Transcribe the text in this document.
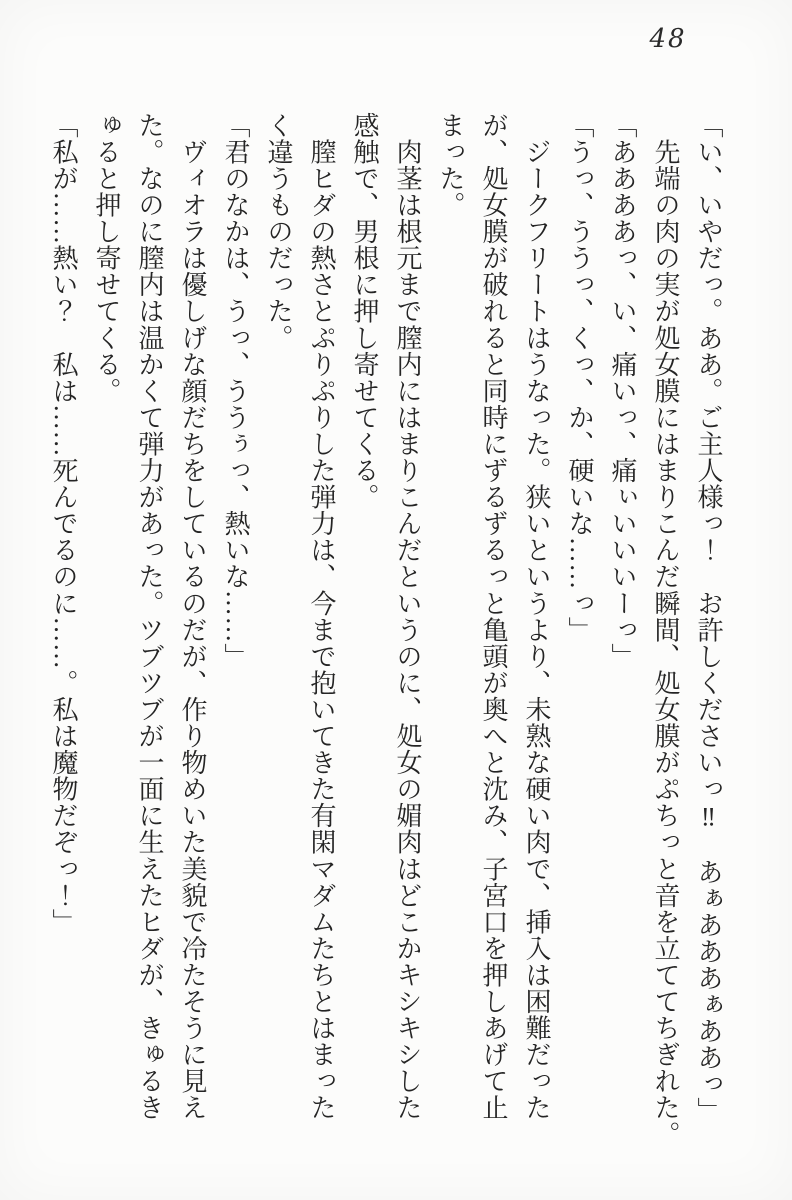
48

「い、いやだっ。ああ。ご主人様っ！　お許しくださいっ‼　あぁあああぁああっ」

　先端の肉の実が処女膜にはまりこんだ瞬間、処女膜がぷちっと音を立ててちぎれた。

「ああああっ、い、痛いっ、痛ぃいいいーっ」

「うっ、ううっ、くっ、か、硬いな……っ」

　ジークフリートはうなった。狭いというより、未熟な硬い肉で、挿入は困難だった

が、処女膜が破れると同時にずるずるっと亀頭が奥へと沈み、子宮口を押しあげて止

まった。

　肉茎は根元まで膣内にはまりこんだというのに、処女の媚肉はどこかキシキシした

感触で、男根に押し寄せてくる。

　膣ヒダの熱さとぷりぷりした弾力は、今まで抱いてきた有閑マダムたちとはまった

く違うものだった。

「君のなかは、うっ、ううぅっ、熱いな……」

　ヴィオラは優しげな顔だちをしているのだが、作り物めいた美貌で冷たそうに見え

た。なのに膣内は温かくて弾力があった。ツブツブが一面に生えたヒダが、きゅるき

ゅると押し寄せてくる。

「私が……熱い？　私は……死んでるのに……。私は魔物だぞっ！」
